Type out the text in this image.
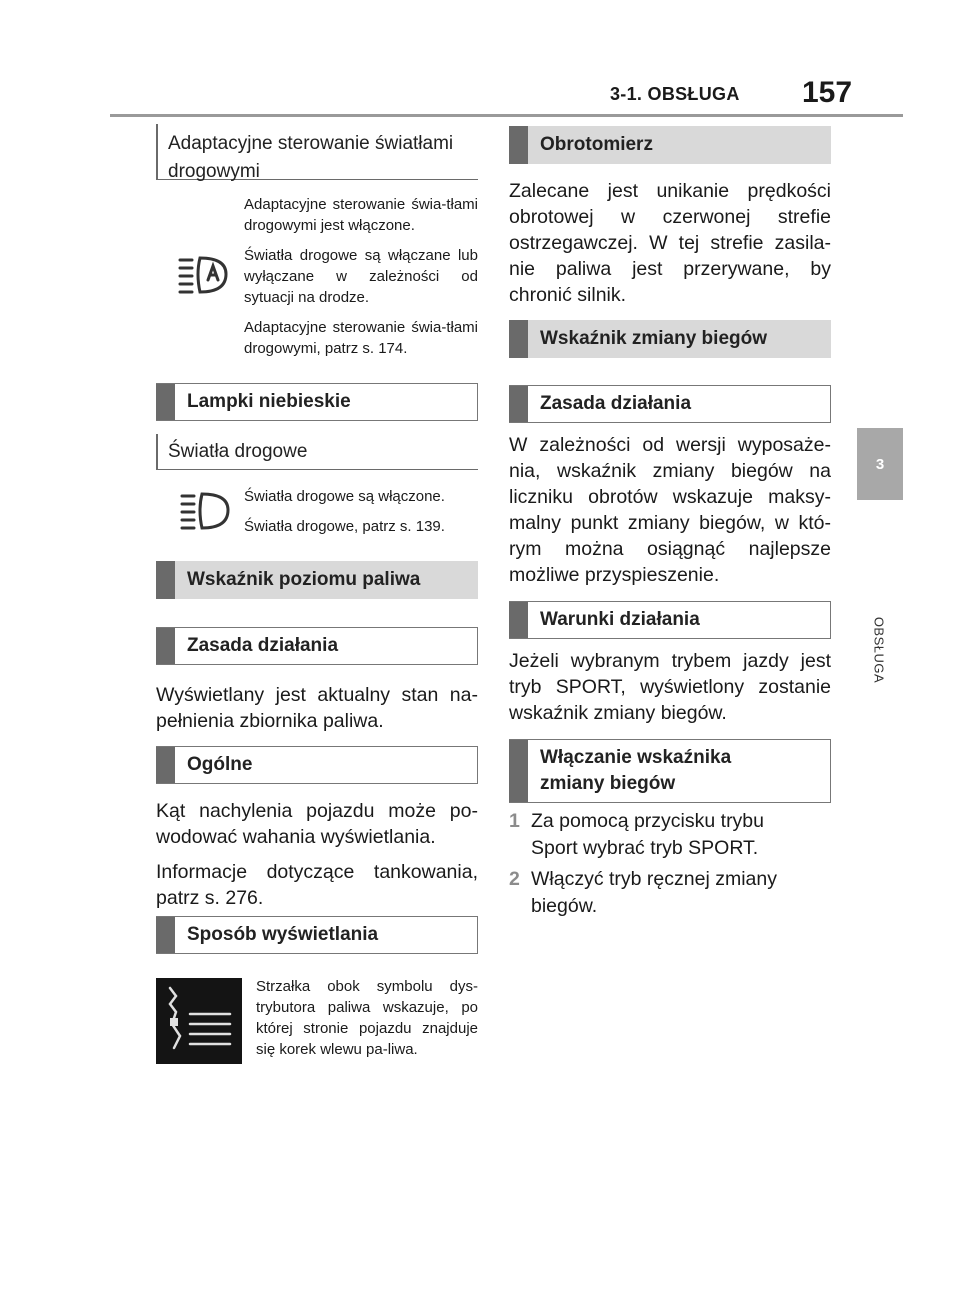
3-1. OBSŁUGA 157
3
OBSŁUGA
Adaptacyjne sterowanie światłami drogowymi

Adaptacyjne sterowanie świa-tłami drogowymi jest włączone.

Światła drogowe są włączane lub wyłączane w zależności od sytuacji na drodze.

Adaptacyjne sterowanie świa-tłami drogowymi, patrz s. 174.

Lampki niebieskie
Światła drogowe

Światła drogowe są włączone.

Światła drogowe, patrz s. 139.

Wskaźnik poziomu paliwa
Zasada działania
Wyświetlany jest aktualny stan na-pełnienia zbiornika paliwa.
Ogólne

Kąt nachylenia pojazdu może po-wodować wahania wyświetlania.

Informacje dotyczące tankowania, patrz s. 276.

Sposób wyświetlania
Strzałka obok symbolu dys-trybutora paliwa wskazuje, po której stronie pojazdu znajduje się korek wlewu pa-liwa.
Obrotomierz
Zalecane jest unikanie prędkości obrotowej w czerwonej strefie ostrzegawczej. W tej strefie zasila-nie paliwa jest przerywane, by chronić silnik.
Wskaźnik zmiany biegów
Zasada działania
W zależności od wersji wyposaże-nia, wskaźnik zmiany biegów na liczniku obrotów wskazuje maksy-malny punkt zmiany biegów, w któ-rym można osiągnąć najlepsze możliwe przyspieszenie.
Warunki działania
Jeżeli wybranym trybem jazdy jest tryb SPORT, wyświetlony zostanie wskaźnik zmiany biegów.
Włączanie wskaźnika zmiany biegów
1 Za pomocą przycisku trybu Sport wybrać tryb SPORT.
2 Włączyć tryb ręcznej zmiany biegów.
